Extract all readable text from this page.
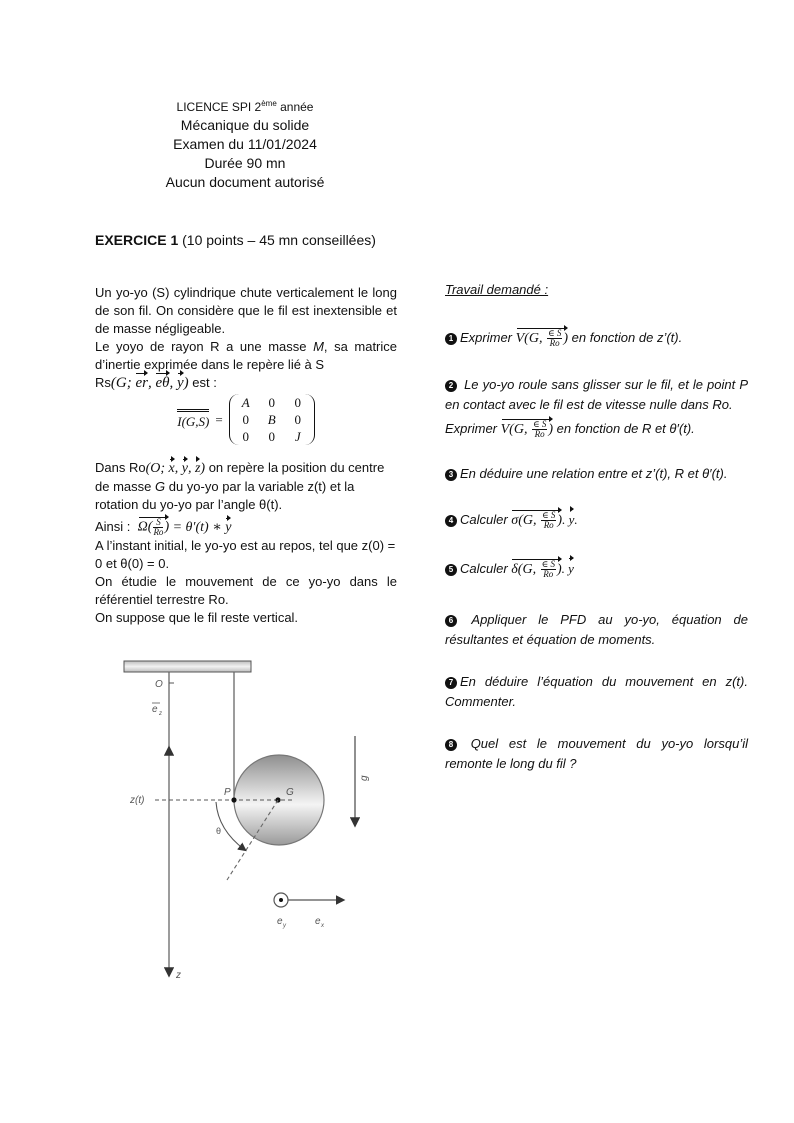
LICENCE SPI 2ème année
Mécanique du solide
Examen du 11/01/2024
Durée 90 mn
Aucun document autorisé
EXERCICE 1 (10 points – 45 mn conseillées)

Un yo-yo (S) cylindrique chute verticalement le long de son fil. On considère que le fil est inextensible et de masse négligeable.

Le yoyo de rayon R a une masse M, sa matrice d’inertie exprimée dans le repère lié à S

Rs(G; er, eθ, y) est :

I(G,S) =
A	0	0
0	B	0
0	0	J

Dans Ro(O; x, y, z) on repère la position du centre de masse G du yo-yo par la variable z(t) et la rotation du yo-yo par l’angle θ(t).

Ainsi : $\Omega( \frac{S}{Ro}$ ) = θ′(t) ∗ y

A l’instant initial, le yo-yo est au repos, tel que z(0) = 0 et θ(0) = 0.

On étudie le mouvement de ce yo-yo dans le référentiel terrestre Ro.

On suppose que le fil reste vertical.

Travail demandé :

1 Exprimer V(G, $\frac{\in S}{Ro}$ ) en fonction de z’(t).

2 Le yo-yo roule sans glisser sur le fil, et le point P en contact avec le fil est de vitesse nulle dans Ro.

Exprimer V(G, $\frac{\in S}{Ro}$ ) en fonction de R et θ′(t).

3 En déduire une relation entre et z’(t), R et θ′(t).

4 Calculer σ(G, $\frac{\in S}{Ro}$ ). y.

5 Calculer δ(G, $\frac{\in S}{Ro}$ ). y

6 Appliquer le PFD au yo-yo, équation de résultantes et équation de moments.

7 En déduire l’équation du mouvement en z(t). Commenter.

8 Quel est le mouvement du yo-yo lorsqu’il remonte le long du fil ?

z
O
e z
z(t)
P	G
θ
g
e y	e x
